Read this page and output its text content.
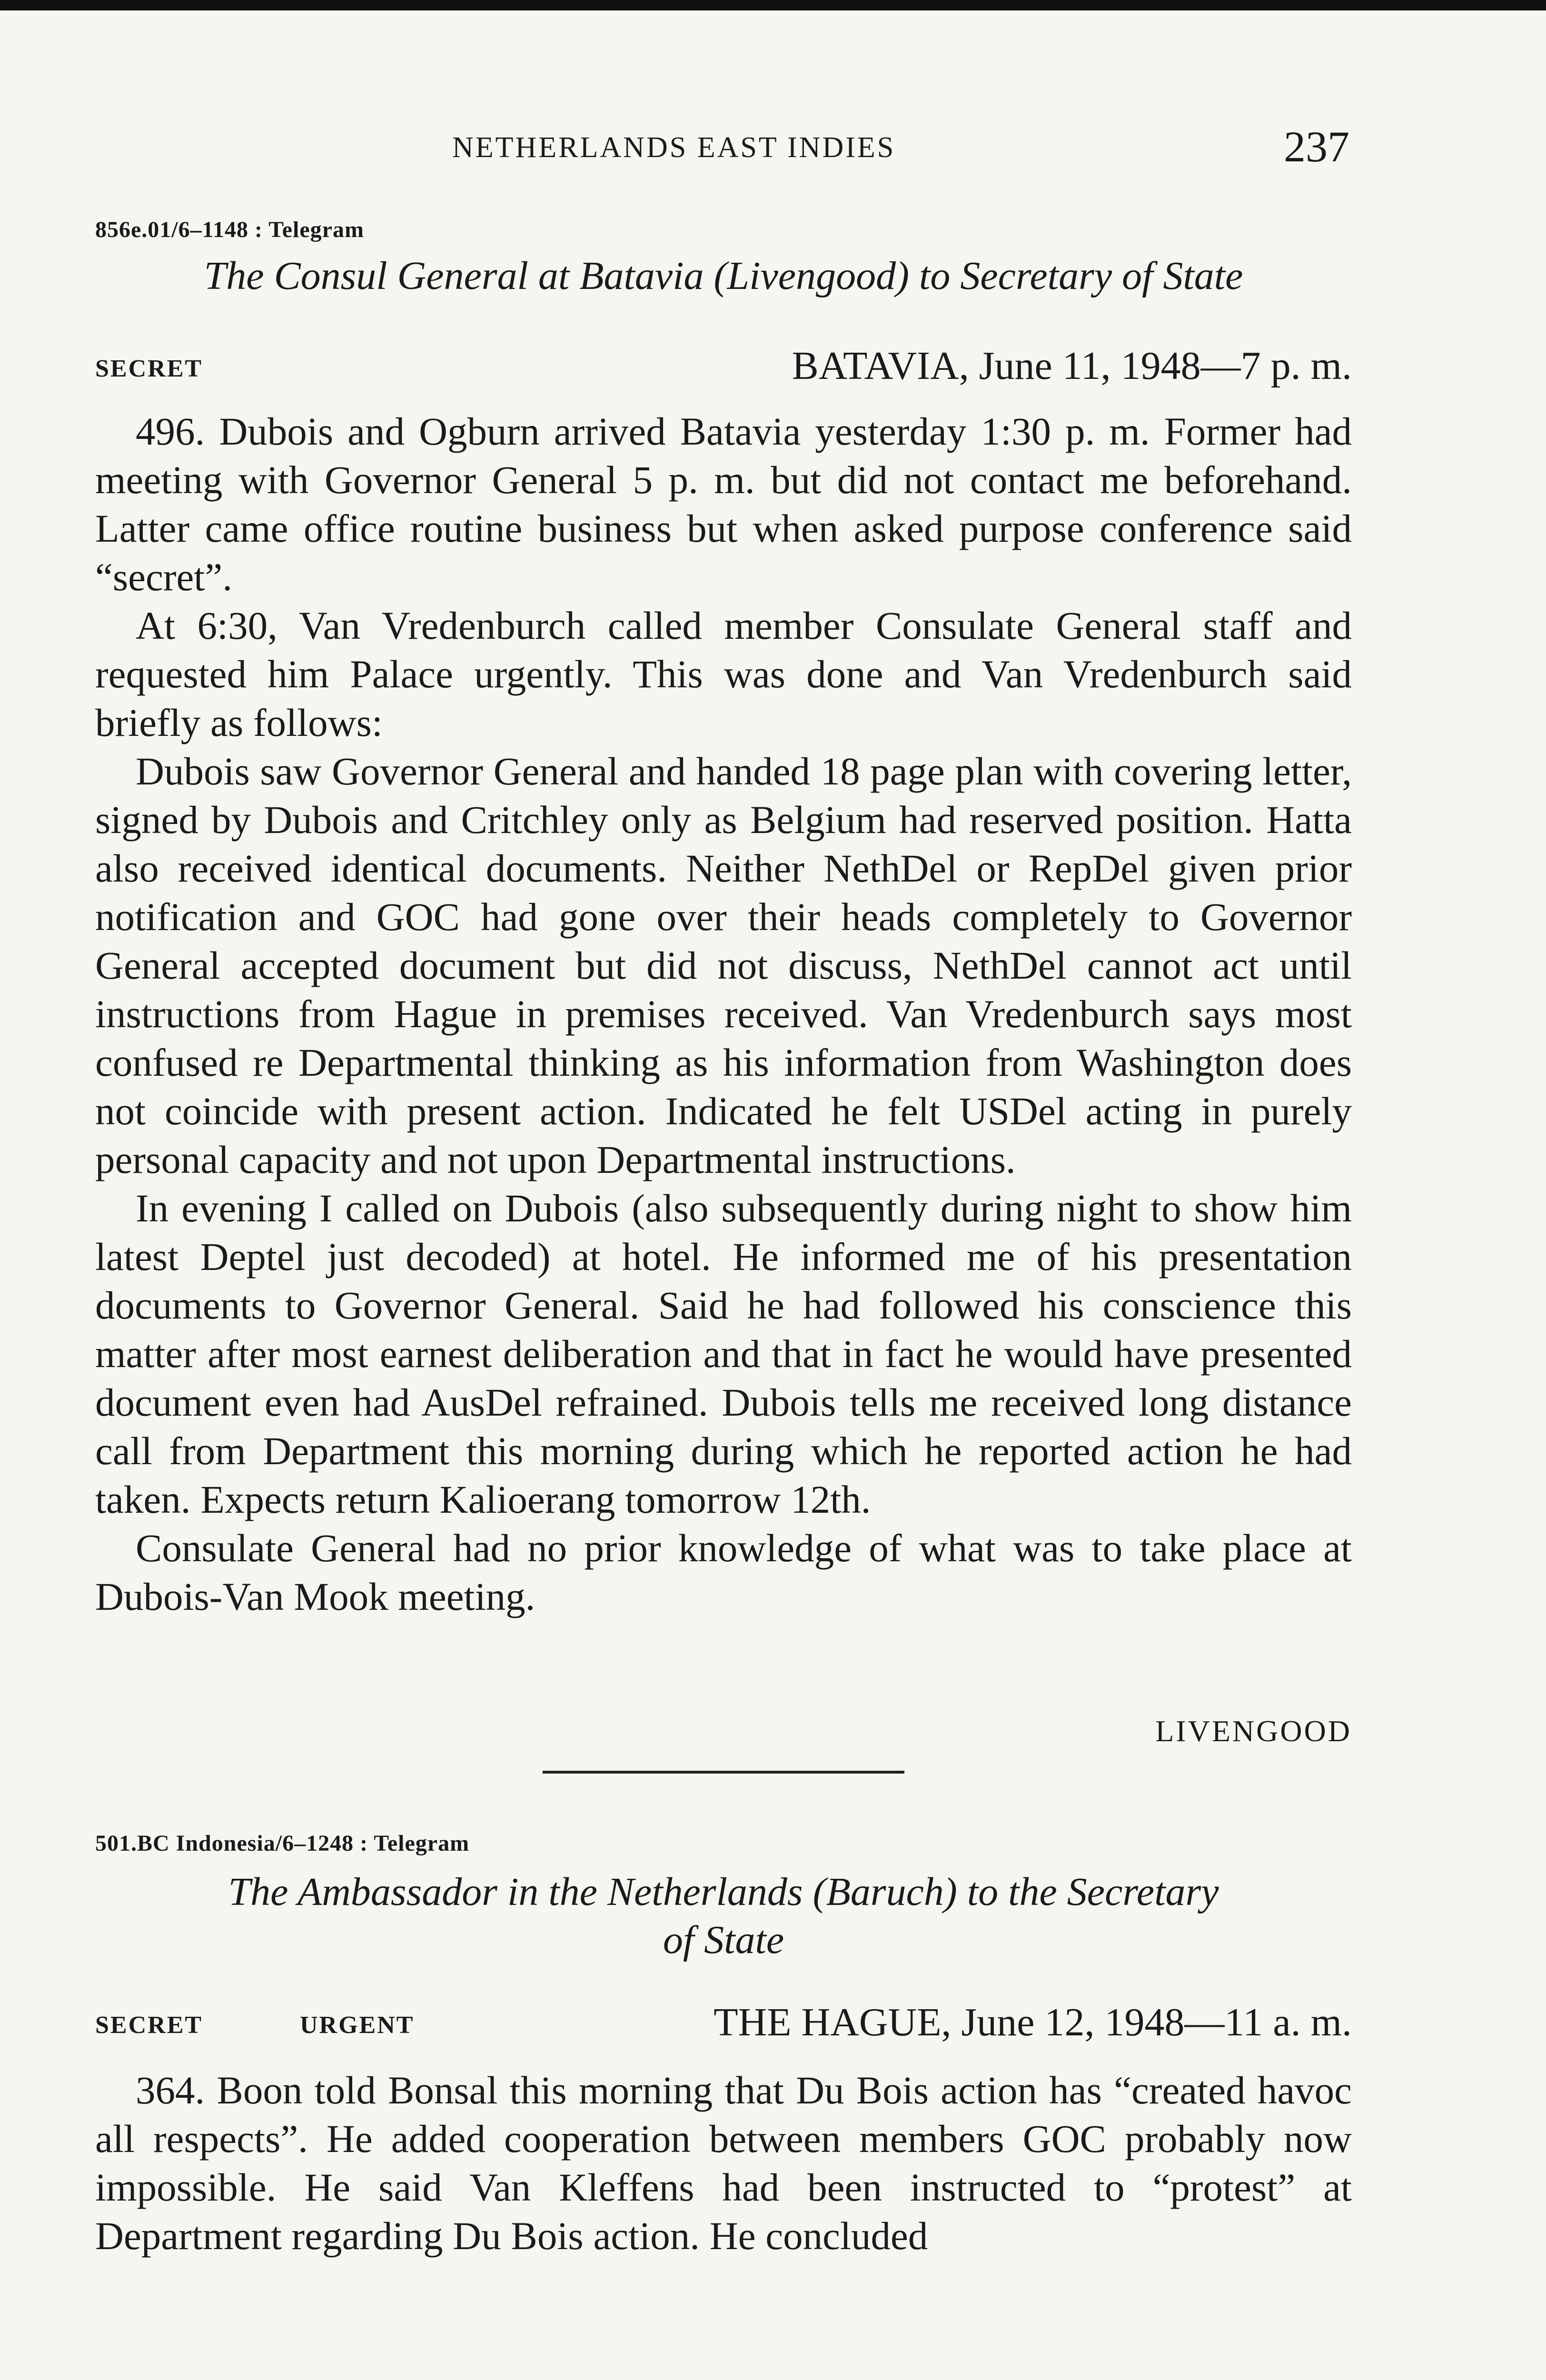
NETHERLANDS EAST INDIES	237
856e.01/6–1148 : Telegram
The Consul General at Batavia (Livengood) to Secretary of State
SECRET	BATAVIA, June 11, 1948—7 p. m.

496. Dubois and Ogburn arrived Batavia yesterday 1:30 p. m. Former had meeting with Governor General 5 p. m. but did not contact me beforehand. Latter came office routine business but when asked purpose conference said “secret”.

At 6:30, Van Vredenburch called member Consulate General staff and requested him Palace urgently. This was done and Van Vredenburch said briefly as follows:

Dubois saw Governor General and handed 18 page plan with covering letter, signed by Dubois and Critchley only as Belgium had reserved position. Hatta also received identical documents. Neither NethDel or RepDel given prior notification and GOC had gone over their heads completely to Governor General accepted document but did not discuss, NethDel cannot act until instructions from Hague in premises received. Van Vredenburch says most confused re Departmental thinking as his information from Washington does not coincide with present action. Indicated he felt USDel acting in purely personal capacity and not upon Departmental instructions.

In evening I called on Dubois (also subsequently during night to show him latest Deptel just decoded) at hotel. He informed me of his presentation documents to Governor General. Said he had followed his conscience this matter after most earnest deliberation and that in fact he would have presented document even had AusDel refrained. Dubois tells me received long distance call from Department this morning during which he reported action he had taken. Expects return Kalioerang tomorrow 12th.

Consulate General had no prior knowledge of what was to take place at Dubois-Van Mook meeting.

LIVENGOOD
501.BC Indonesia/6–1248 : Telegram
The Ambassador in the Netherlands (Baruch) to the Secretary
of State
SECRET	URGENT	THE HAGUE, June 12, 1948—11 a. m.

364. Boon told Bonsal this morning that Du Bois action has “created havoc all respects”. He added cooperation between members GOC probably now impossible. He said Van Kleffens had been instructed to “protest” at Department regarding Du Bois action. He concluded
